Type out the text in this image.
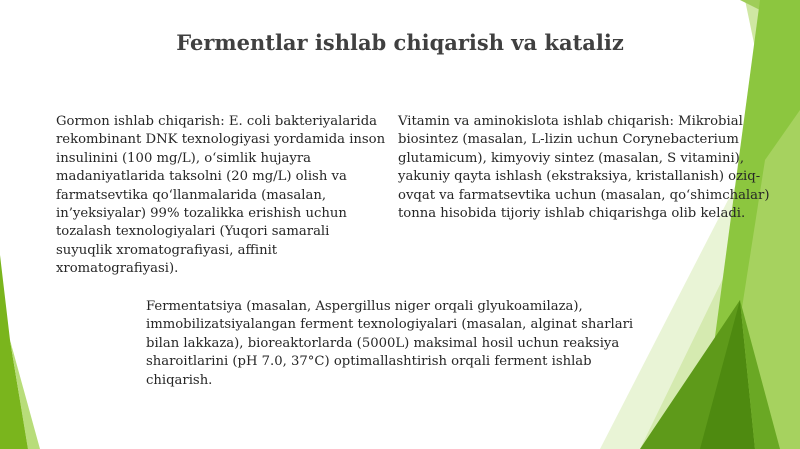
Fermentlar ishlab chiqarish va kataliz

Gormon ishlab chiqarish: E. coli bakteriyalarida rekombinant DNK texnologiyasi yordamida inson insulinini (100 mg/L), o‘simlik hujayra madaniyatlarida taksolni (20 mg/L) olish va farmatsevtika qo‘llanmalarida (masalan, in’yeksiyalar) 99% tozalikka erishish uchun tozalash texnologiyalari (Yuqori samarali suyuqlik xromatografiyasi, affinit xromatografiyasi).

Vitamin va aminokislota ishlab chiqarish: Mikrobial biosintez (masalan, L-lizin uchun Corynebacterium glutamicum), kimyoviy sintez (masalan, S vitamini), yakuniy qayta ishlash (ekstraksiya, kristallanish) oziq-ovqat va farmatsevtika uchun (masalan, qo‘shimchalar) tonna hisobida tijoriy ishlab chiqarishga olib keladi.

Fermentatsiya (masalan, Aspergillus niger orqali glyukoamilaza), immobilizatsiyalangan ferment texnologiyalari (masalan, alginat sharlari bilan lakkaza), bioreaktorlarda (5000L) maksimal hosil uchun reaksiya sharoitlarini (pH 7.0, 37°C) optimallashtirish orqali ferment ishlab chiqarish.
